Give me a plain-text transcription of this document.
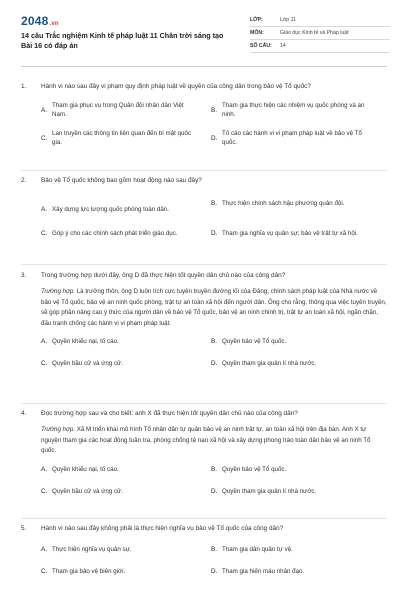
2048.vn
14 câu Trắc nghiệm Kinh tế pháp luật 11 Chân trời sáng tạo Bài 16 có đáp án
LỚP:	Lớp 11
MÔN:	Giáo dục Kinh tế và Pháp luật
SỐ CÂU:	14
1.	Hành vi nào sau đây vi phạm quy định pháp luật về quyền của công dân trong bảo vệ Tổ quốc?
A.
Tham gia phục vụ trong Quân đội nhân dân Việt Nam.
B.
Tham gia thực hiện các nhiệm vụ quốc phòng và an ninh.
C.
Lan truyền các thông tin liên quan đến bí mật quốc gia.
D.
Tố cáo các hành vi vi phạm pháp luật về bảo vệ Tổ quốc.
2.	Bảo vệ Tổ quốc không bao gồm hoạt động nào sau đây?
A. Xây dựng lực lượng quốc phòng toàn dân.
B. Thực hiện chính sách hậu phương quân đội.
C. Góp ý cho các chính sách phát triển giáo dục.	D. Tham gia nghĩa vụ quân sự; bảo vệ trật tự xã hội.
3.	Trong trường hợp dưới đây, ông D đã thực hiện tốt quyền dân chủ nào của công dân?
Trường hợp. Là trưởng thôn, ông D luôn tích cực tuyên truyền đường lối của Đảng, chính sách pháp luật của Nhà nước về bảo vệ Tổ quốc, bảo vệ an ninh quốc phòng, trật tự an toàn xã hội đến người dân. Ông cho rằng, thông qua việc tuyên truyền, sẽ góp phần nâng cao ý thức của người dân về bảo vệ Tổ quốc, bảo vệ an ninh chính trị, trật tự an toàn xã hội, ngăn chặn, đấu tranh chống các hành vi vi phạm pháp luật.
A. Quyền khiếu nại, tố cáo.	B. Quyền bảo vệ Tổ quốc.
C. Quyền bầu cử và ứng cử.	D. Quyền tham gia quản lí nhà nước.
4.	Đọc trường hợp sau và cho biết: anh X đã thực hiện tốt quyền dân chủ nào của công dân?
Trường hợp. Xã M triển khai mô hình Tổ nhân dân tự quản bảo vệ an ninh trật tự, an toàn xã hội trên địa bàn. Anh X tự nguyện tham gia các hoạt động tuần tra, phòng chống tệ nạn xã hội và xây dựng phong trào toàn dân bảo vệ an ninh Tổ quốc.
A. Quyền khiếu nại, tố cáo.	B. Quyền bảo vệ Tổ quốc.
C. Quyền bầu cử và ứng cử.	D. Quyền tham gia quản lí nhà nước.
5.	Hành vi nào sau đây không phải là thực hiện nghĩa vụ bảo vệ Tổ quốc của công dân?
A. Thực hiện nghĩa vụ quân sự.	B. Tham gia dân quân tự vệ.
C. Tham gia bảo vệ biên giới.	D. Tham gia hiến máu nhân đạo.
